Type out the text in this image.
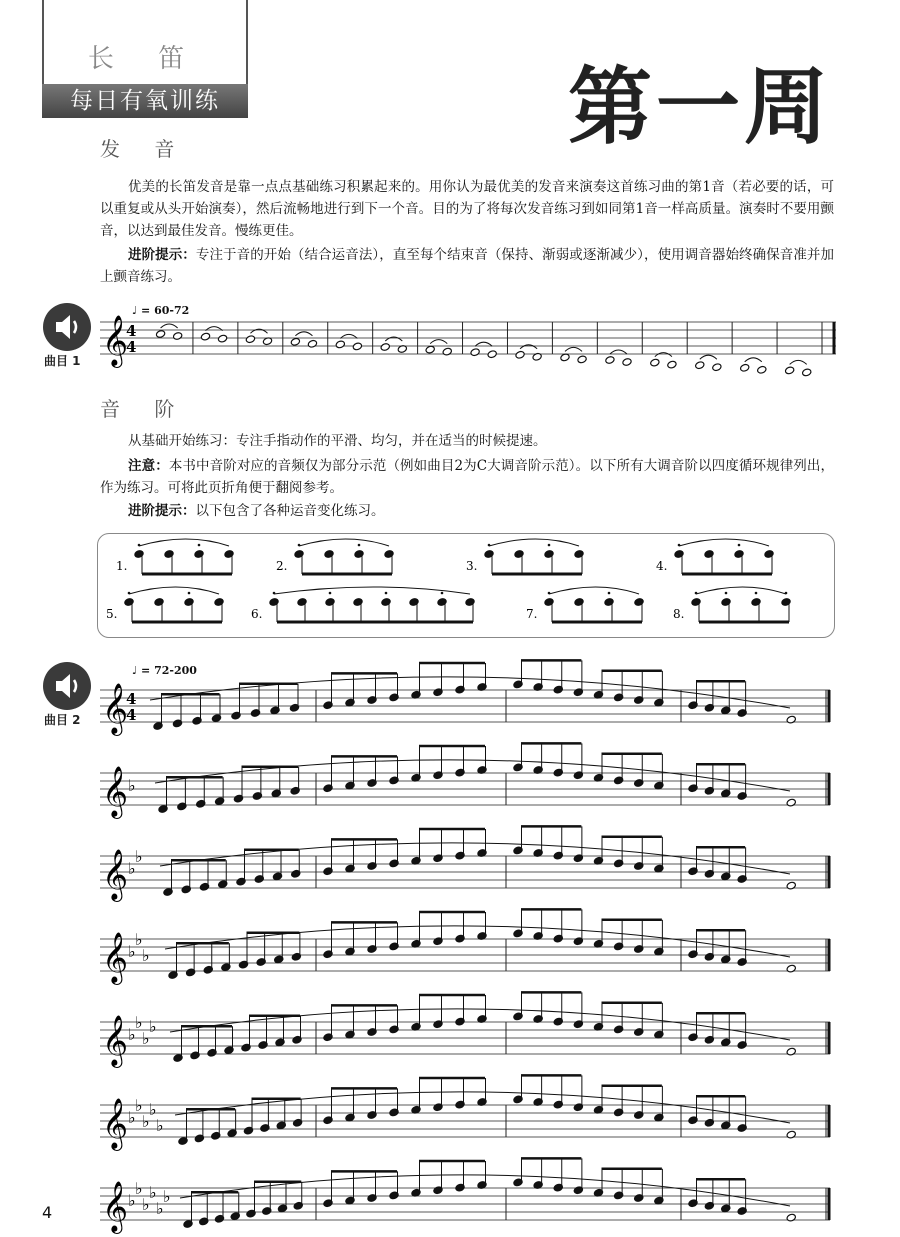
长 笛
每日有氧训练	第一周
发 音
优美的长笛发音是靠一点点基础练习积累起来的。用你认为最优美的发音来演奏这首练习曲的第1音（若必要的话，可以重复或从头开始演奏），然后流畅地进行到下一个音。目的为了将每次发音练习到如同第1音一样高质量。演奏时不要用颤音，以达到最佳发音。慢练更佳。
进阶提示：专注于音的开始（结合运音法），直至每个结束音（保持、渐弱或逐渐减少），使用调音器始终确保音准并加上颤音练习。
曲目 1
♩ = 60-72
𝄞
4
4
音 阶
从基础开始练习：专注手指动作的平滑、均匀，并在适当的时候提速。
注意：本书中音阶对应的音频仅为部分示范（例如曲目2为C大调音阶示范）。以下所有大调音阶以四度循环规律列出，作为练习。可将此页折角便于翻阅参考。
进阶提示：以下包含了各种运音变化练习。
1.	2.	3.	4.
5.	6.	7.	8.
曲目 2
♩ = 72-200
𝄞
4
4
𝄞 ♭
𝄞 ♭
♭
𝄞 ♭
♭
♭
𝄞 ♭
♭
♭
♭
𝄞 ♭
♭
♭
♭
♭
𝄞 ♭
♭
♭
♭
♭
♭
4
